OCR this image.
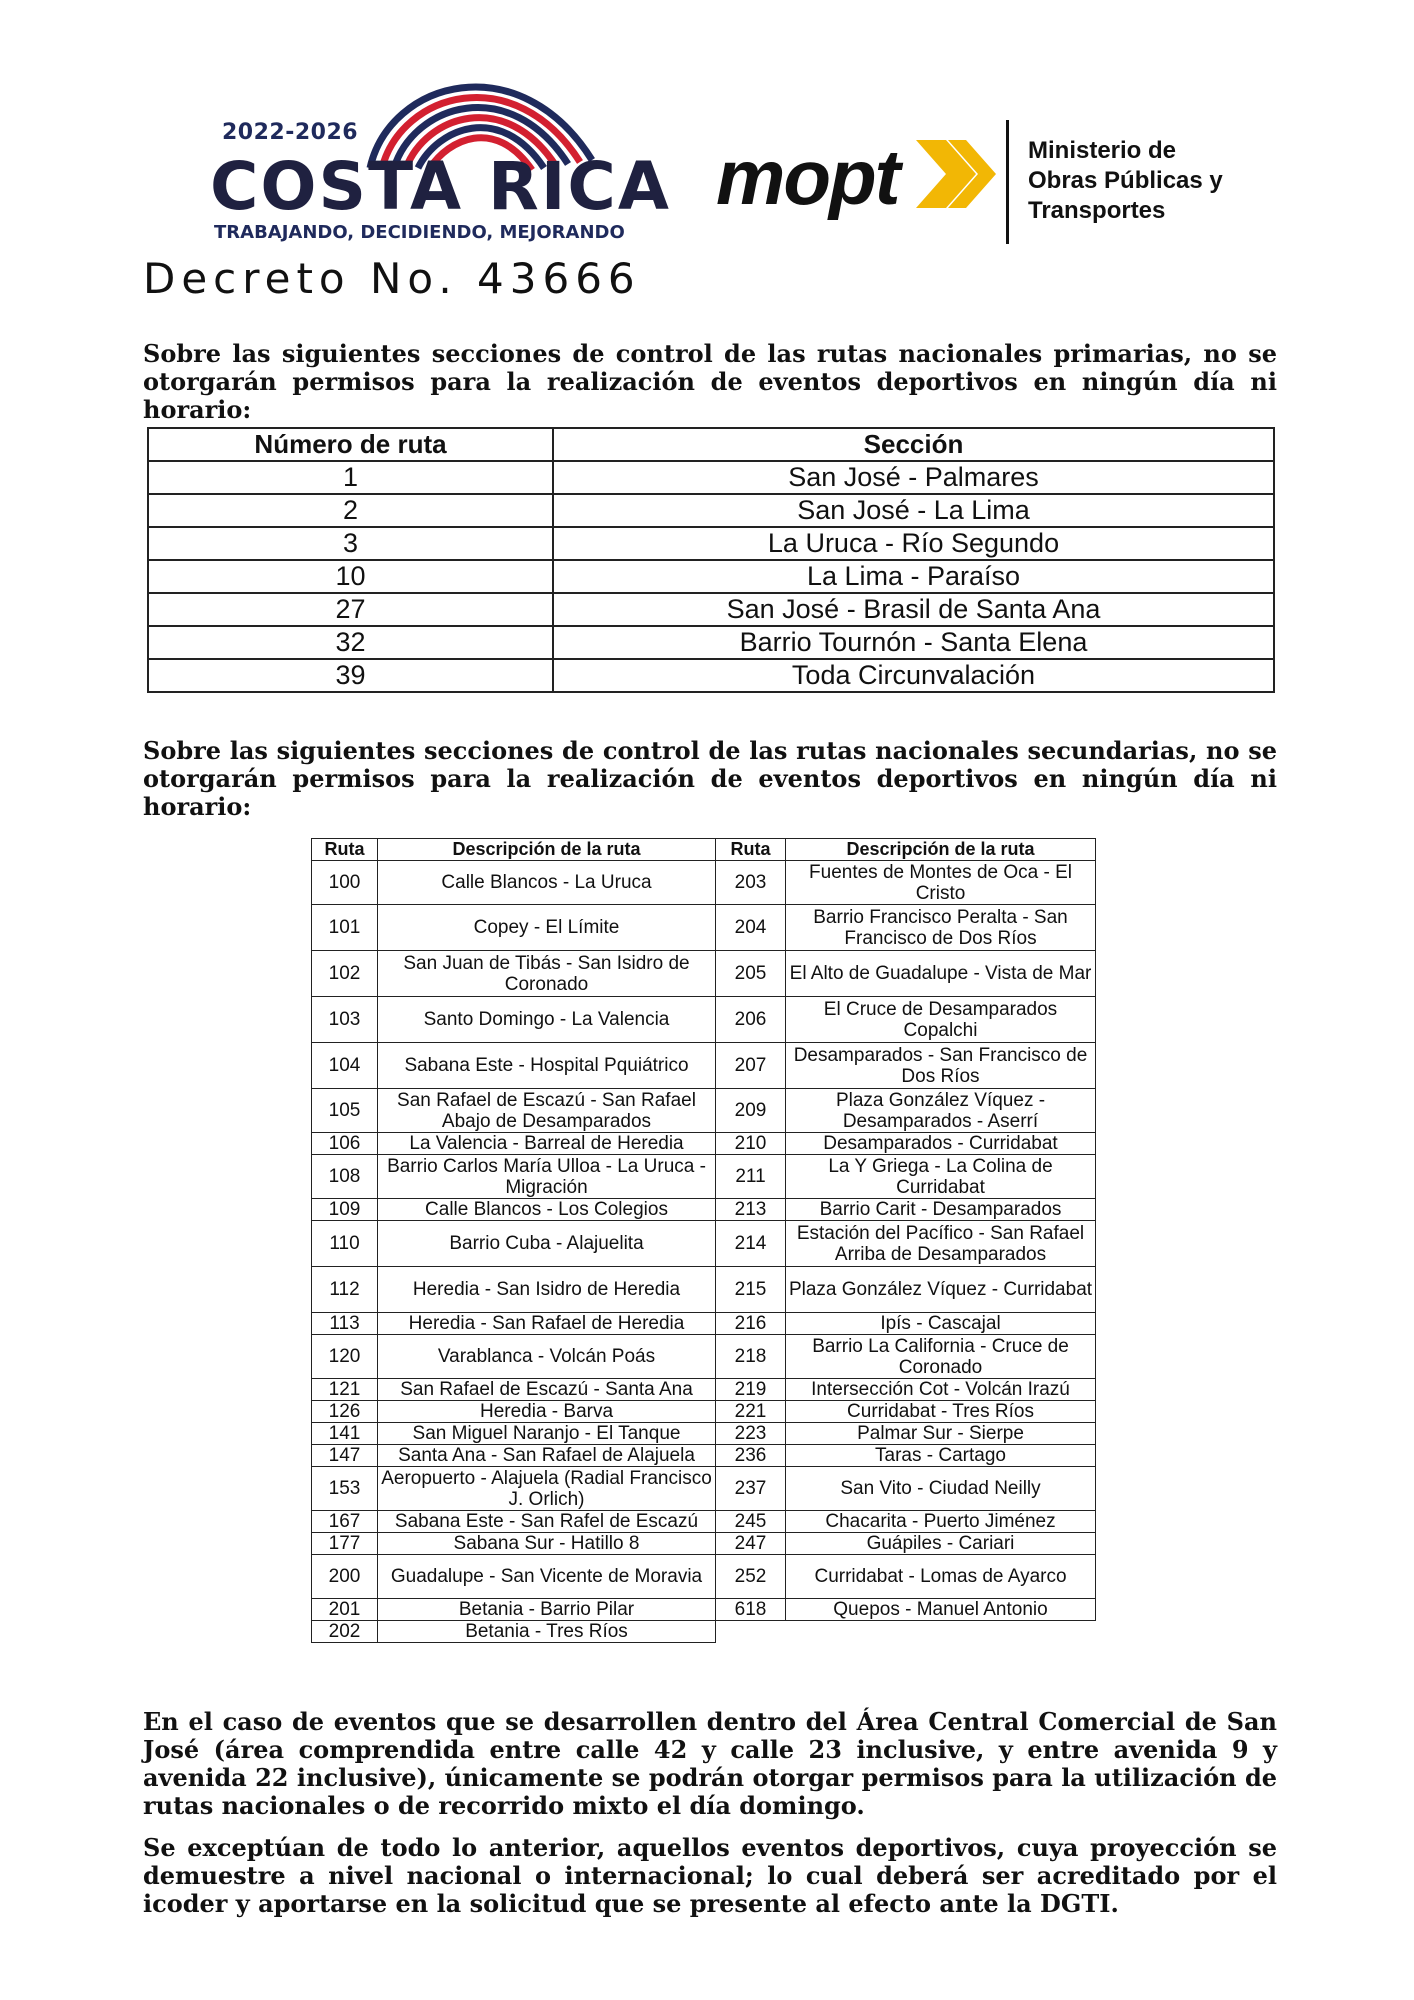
2022-2026
COSTA RICA
TRABAJANDO, DECIDIENDO, MEJORANDO
mopt	Ministerio de
Obras Públicas y
Transportes
Decreto No. 43666
Sobre las siguientes secciones de control de las rutas nacionales primarias, no se otorgarán permisos para la realización de eventos deportivos en ningún día ni horario:
Número de ruta	Sección
1	San José - Palmares
2	San José - La Lima
3	La Uruca - Río Segundo
10	La Lima - Paraíso
27	San José - Brasil de Santa Ana
32	Barrio Tournón - Santa Elena
39	Toda Circunvalación
Sobre las siguientes secciones de control de las rutas nacionales secundarias, no se otorgarán permisos para la realización de eventos deportivos en ningún día ni horario:
Ruta	Descripción de la ruta	Ruta	Descripción de la ruta
100	Calle Blancos - La Uruca	203	Fuentes de Montes de Oca - El Cristo
101	Copey - El Límite	204	Barrio Francisco Peralta - San Francisco de Dos Ríos
102	San Juan de Tibás - San Isidro de Coronado	205	El Alto de Guadalupe - Vista de Mar
103	Santo Domingo - La Valencia	206	El Cruce de Desamparados Copalchi
104	Sabana Este - Hospital Pquiátrico	207	Desamparados - San Francisco de Dos Ríos
105	San Rafael de Escazú - San Rafael Abajo de Desamparados	209	Plaza González Víquez - Desamparados - Aserrí
106	La Valencia - Barreal de Heredia	210	Desamparados - Curridabat
108	Barrio Carlos María Ulloa - La Uruca - Migración	211	La Y Griega - La Colina de Curridabat
109	Calle Blancos - Los Colegios	213	Barrio Carit - Desamparados
110	Barrio Cuba - Alajuelita	214	Estación del Pacífico - San Rafael Arriba de Desamparados
112	Heredia - San Isidro de Heredia	215	Plaza González Víquez - Curridabat
113	Heredia - San Rafael de Heredia	216	Ipís - Cascajal
120	Varablanca - Volcán Poás	218	Barrio La California - Cruce de Coronado
121	San Rafael de Escazú - Santa Ana	219	Intersección Cot - Volcán Irazú
126	Heredia - Barva	221	Curridabat - Tres Ríos
141	San Miguel Naranjo - El Tanque	223	Palmar Sur - Sierpe
147	Santa Ana - San Rafael de Alajuela	236	Taras - Cartago
153	Aeropuerto - Alajuela (Radial Francisco J. Orlich)	237	San Vito - Ciudad Neilly
167	Sabana Este - San Rafel de Escazú	245	Chacarita - Puerto Jiménez
177	Sabana Sur - Hatillo 8	247	Guápiles - Cariari
200	Guadalupe - San Vicente de Moravia	252	Curridabat - Lomas de Ayarco
201	Betania - Barrio Pilar	618	Quepos - Manuel Antonio
202	Betania - Tres Ríos		
En el caso de eventos que se desarrollen dentro del Área Central Comercial de San José (área comprendida entre calle 42 y calle 23 inclusive, y entre avenida 9 y avenida 22 inclusive), únicamente se podrán otorgar permisos para la utilización de rutas nacionales o de recorrido mixto el día domingo.
Se exceptúan de todo lo anterior, aquellos eventos deportivos, cuya proyección se demuestre a nivel nacional o internacional; lo cual deberá ser acreditado por el icoder y aportarse en la solicitud que se presente al efecto ante la DGTI.
